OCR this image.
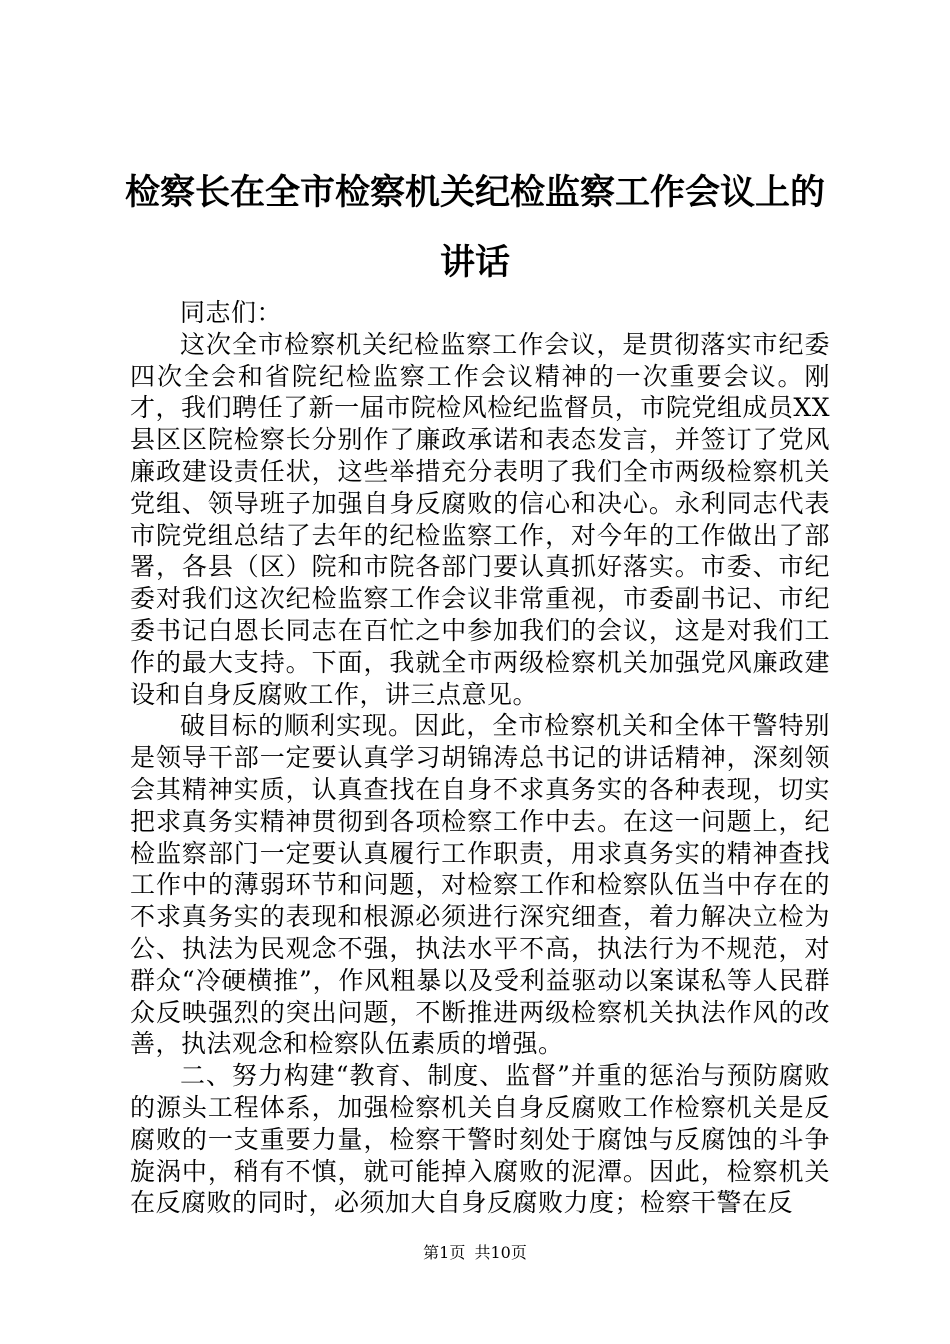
检察长在全市检察机关纪检监察工作会议上的讲话

同志们：

这次全市检察机关纪检监察工作会议，是贯彻落实市纪委四次全会和省院纪检监察工作会议精神的一次重要会议。刚才，我们聘任了新一届市院检风检纪监督员，市院党组成员XX县区区院检察长分别作了廉政承诺和表态发言，并签订了党风廉政建设责任状，这些举措充分表明了我们全市两级检察机关党组、领导班子加强自身反腐败的信心和决心。永利同志代表市院党组总结了去年的纪检监察工作，对今年的工作做出了部署，各县（区）院和市院各部门要认真抓好落实。市委、市纪委对我们这次纪检监察工作会议非常重视，市委副书记、市纪委书记白恩长同志在百忙之中参加我们的会议，这是对我们工作的最大支持。下面，我就全市两级检察机关加强党风廉政建设和自身反腐败工作，讲三点意见。

破目标的顺利实现。因此，全市检察机关和全体干警特别是领导干部一定要认真学习胡锦涛总书记的讲话精神，深刻领会其精神实质，认真查找在自身不求真务实的各种表现，切实把求真务实精神贯彻到各项检察工作中去。在这一问题上，纪检监察部门一定要认真履行工作职责，用求真务实的精神查找工作中的薄弱环节和问题，对检察工作和检察队伍当中存在的不求真务实的表现和根源必须进行深究细查，着力解决立检为公、执法为民观念不强，执法水平不高，执法行为不规范，对群众“冷硬横推”，作风粗暴以及受利益驱动以案谋私等人民群众反映强烈的突出问题，不断推进两级检察机关执法作风的改善，执法观念和检察队伍素质的增强。

二、努力构建“教育、制度、监督”并重的惩治与预防腐败的源头工程体系，加强检察机关自身反腐败工作检察机关是反腐败的一支重要力量，检察干警时刻处于腐蚀与反腐蚀的斗争旋涡中，稍有不慎，就可能掉入腐败的泥潭。因此，检察机关在反腐败的同时，必须加大自身反腐败力度；检察干警在反

第1页 共10页
